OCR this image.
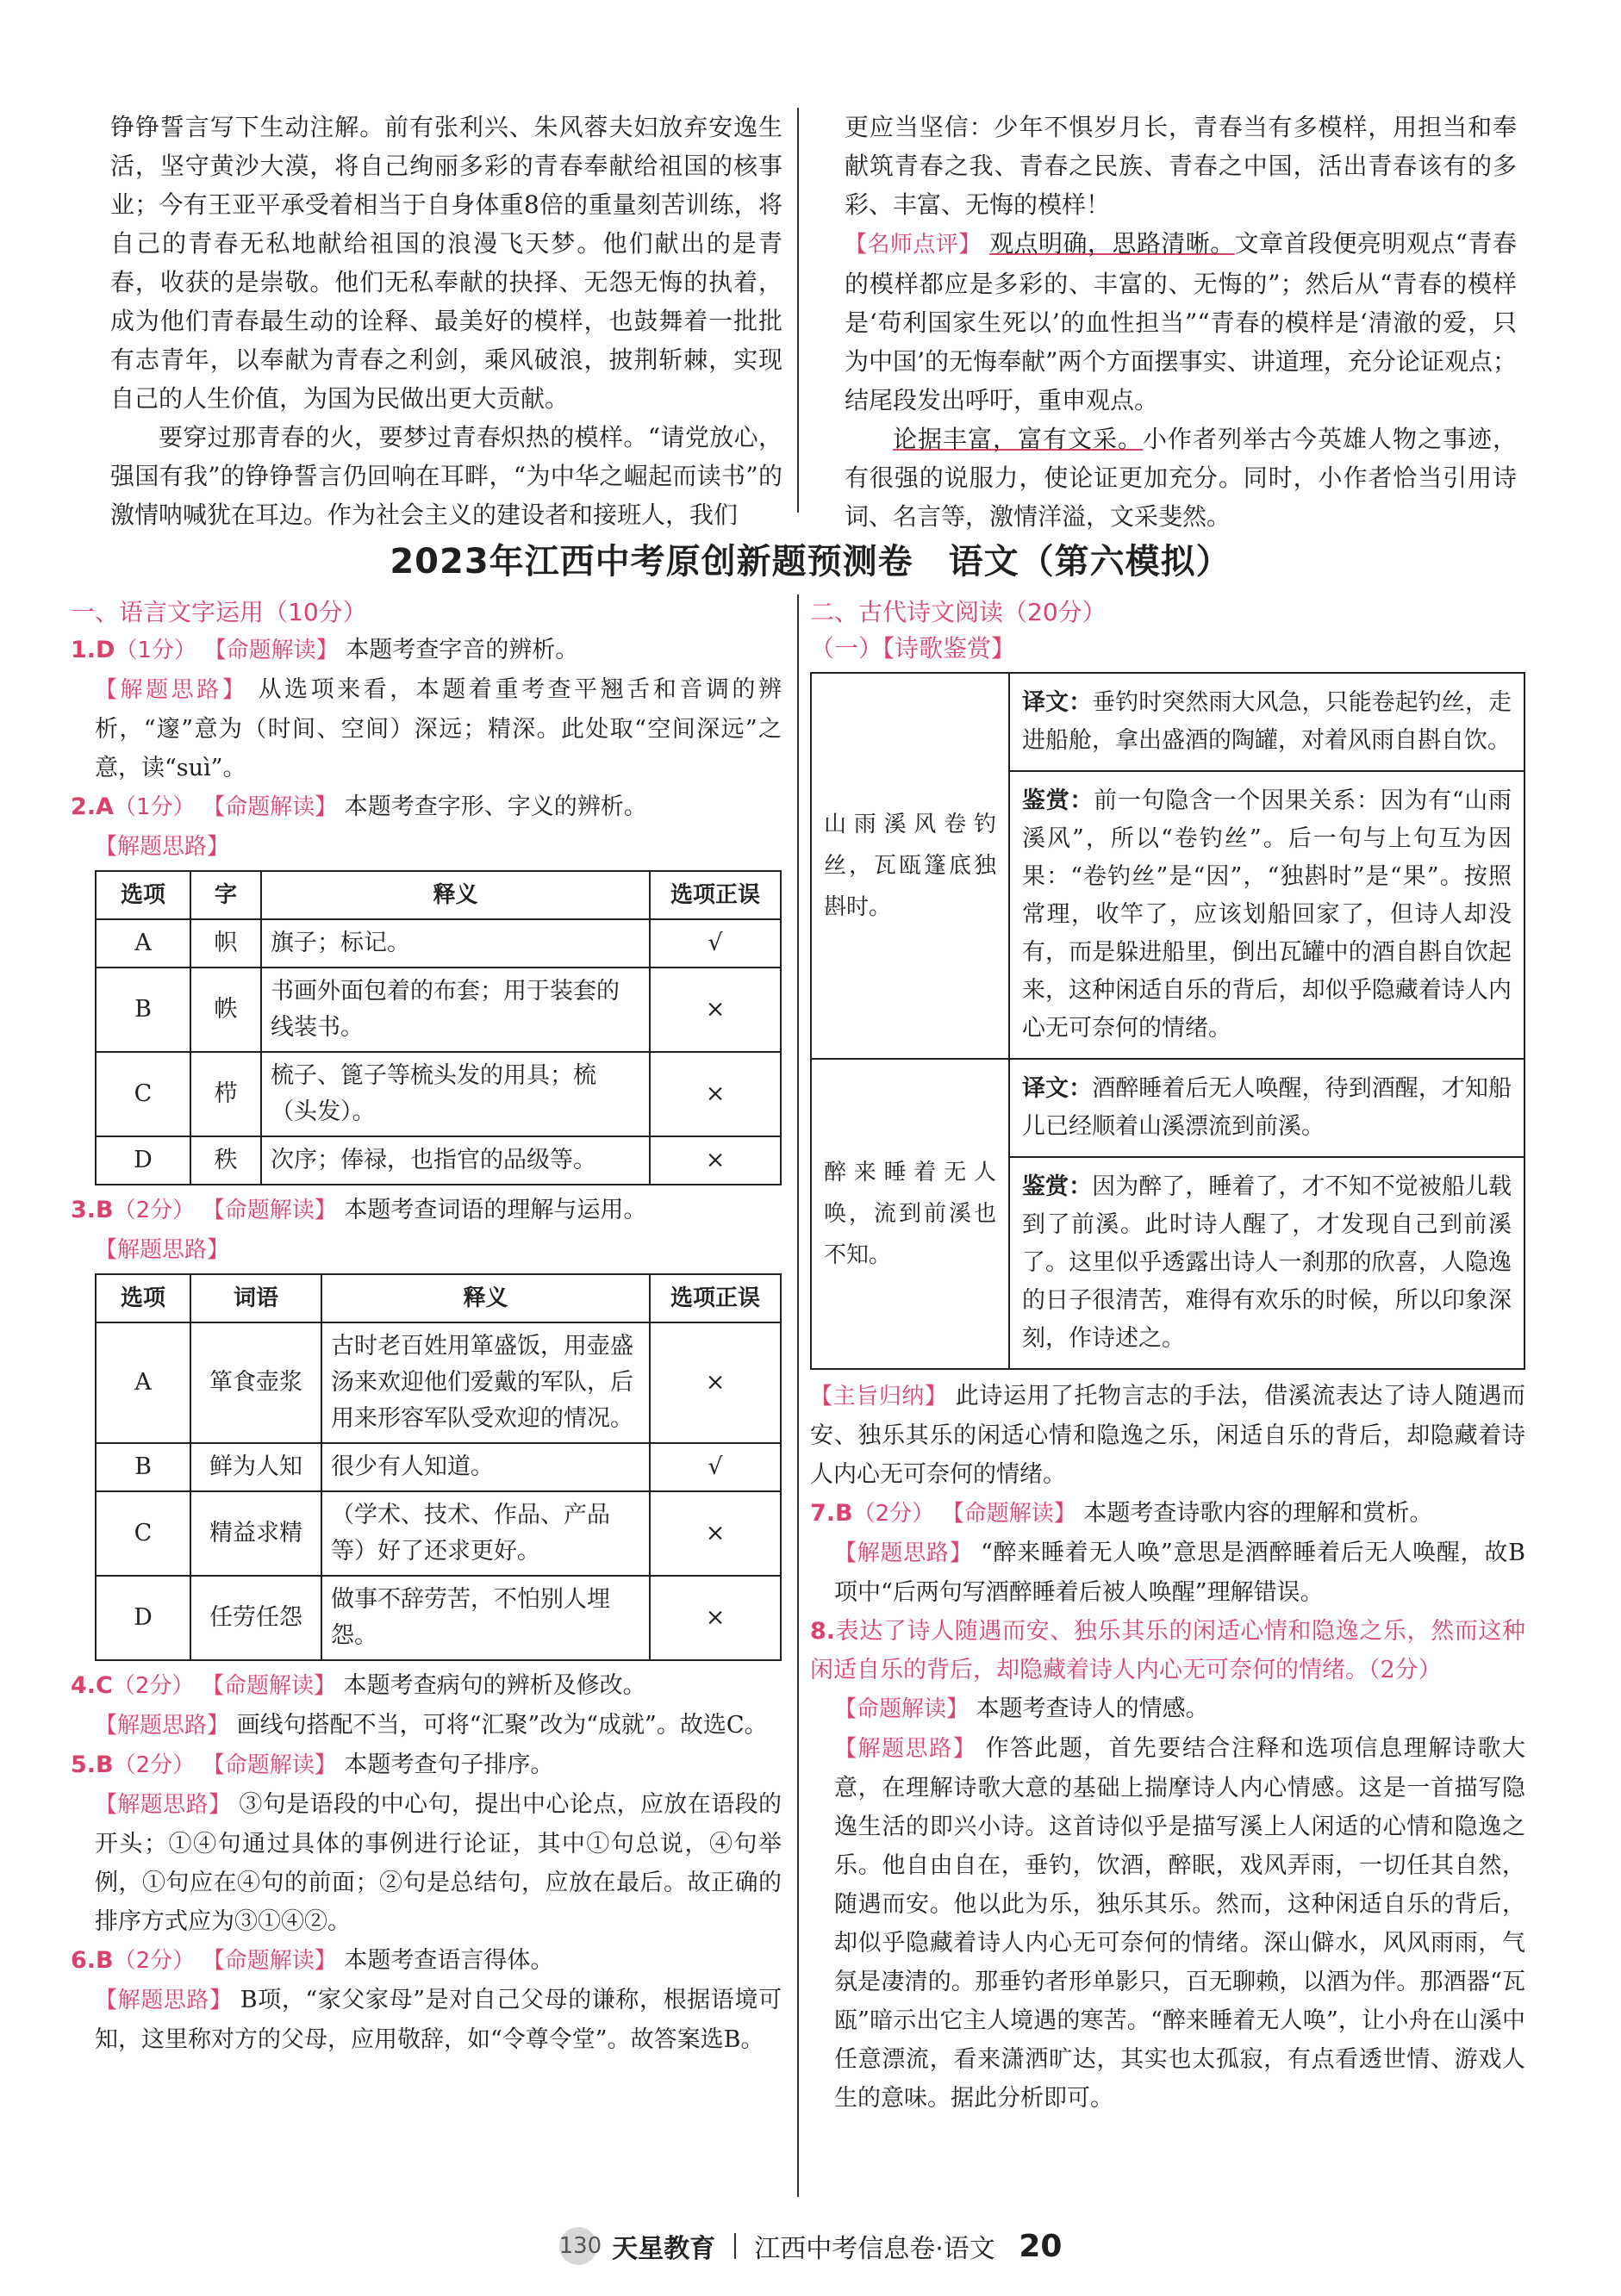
铮铮誓言写下生动注解。前有张利兴、朱风蓉夫妇放弃安逸生活，坚守黄沙大漠，将自己绚丽多彩的青春奉献给祖国的核事业；今有王亚平承受着相当于自身体重8倍的重量刻苦训练，将自己的青春无私地献给祖国的浪漫飞天梦。他们献出的是青春，收获的是崇敬。他们无私奉献的抉择、无怨无悔的执着，成为他们青春最生动的诠释、最美好的模样，也鼓舞着一批批有志青年，以奉献为青春之利剑，乘风破浪，披荆斩棘，实现自己的人生价值，为国为民做出更大贡献。

要穿过那青春的火，要梦过青春炽热的模样。“请党放心，强国有我”的铮铮誓言仍回响在耳畔，“为中华之崛起而读书”的激情呐喊犹在耳边。作为社会主义的建设者和接班人，我们

更应当坚信：少年不惧岁月长，青春当有多模样，用担当和奉献筑青春之我、青春之民族、青春之中国，活出青春该有的多彩、丰富、无悔的模样！

【名师点评】 观点明确，思路清晰。文章首段便亮明观点“青春的模样都应是多彩的、丰富的、无悔的”；然后从“青春的模样是‘苟利国家生死以’的血性担当”“青春的模样是‘清澈的爱，只为中国’的无悔奉献”两个方面摆事实、讲道理，充分论证观点；结尾段发出呼吁，重申观点。

论据丰富，富有文采。小作者列举古今英雄人物之事迹，有很强的说服力，使论证更加充分。同时，小作者恰当引用诗词、名言等，激情洋溢，文采斐然。

2023年江西中考原创新题预测卷　语文（第六模拟）
一、语言文字运用（10分）
1.D（1分） 【命题解读】 本题考查字音的辨析。
【解题思路】 从选项来看，本题着重考查平翘舌和音调的辨析，“邃”意为（时间、空间）深远；精深。此处取“空间深远”之意，读“suì”。
2.A（1分） 【命题解读】 本题考查字形、字义的辨析。
【解题思路】
选项	字	释义	选项正误
A	帜	旗子；标记。	√
B	帙	书画外面包着的布套；用于装套的线装书。	×
C	栉	梳子、篦子等梳头发的用具；梳（头发）。	×
D	秩	次序；俸禄，也指官的品级等。	×
3.B（2分） 【命题解读】 本题考查词语的理解与运用。
【解题思路】
选项	词语	释义	选项正误
A	箪食壶浆	古时老百姓用箪盛饭，用壶盛汤来欢迎他们爱戴的军队，后用来形容军队受欢迎的情况。	×
B	鲜为人知	很少有人知道。	√
C	精益求精	（学术、技术、作品、产品等）好了还求更好。	×
D	任劳任怨	做事不辞劳苦，不怕别人埋怨。	×
4.C（2分） 【命题解读】 本题考查病句的辨析及修改。
【解题思路】 画线句搭配不当，可将“汇聚”改为“成就”。故选C。
5.B（2分） 【命题解读】 本题考查句子排序。
【解题思路】 ③句是语段的中心句，提出中心论点，应放在语段的开头；①④句通过具体的事例进行论证，其中①句总说，④句举例，①句应在④句的前面；②句是总结句，应放在最后。故正确的排序方式应为③①④②。
6.B（2分） 【命题解读】 本题考查语言得体。
【解题思路】 B项，“家父家母”是对自己父母的谦称，根据语境可知，这里称对方的父母，应用敬辞，如“令尊令堂”。故答案选B。
二、古代诗文阅读（20分）
（一）【诗歌鉴赏】
山雨溪风卷钓丝，瓦瓯篷底独斟时。	译文：垂钓时突然雨大风急，只能卷起钓丝，走进船舱，拿出盛酒的陶罐，对着风雨自斟自饮。
	鉴赏：前一句隐含一个因果关系：因为有“山雨溪风”，所以“卷钓丝”。后一句与上句互为因果：“卷钓丝”是“因”，“独斟时”是“果”。按照常理，收竿了，应该划船回家了，但诗人却没有，而是躲进船里，倒出瓦罐中的酒自斟自饮起来，这种闲适自乐的背后，却似乎隐藏着诗人内心无可奈何的情绪。
醉来睡着无人唤，流到前溪也不知。	译文：酒醉睡着后无人唤醒，待到酒醒，才知船儿已经顺着山溪漂流到前溪。
	鉴赏：因为醉了，睡着了，才不知不觉被船儿载到了前溪。此时诗人醒了，才发现自己到前溪了。这里似乎透露出诗人一刹那的欣喜，人隐逸的日子很清苦，难得有欢乐的时候，所以印象深刻，作诗述之。
【主旨归纳】 此诗运用了托物言志的手法，借溪流表达了诗人随遇而安、独乐其乐的闲适心情和隐逸之乐，闲适自乐的背后，却隐藏着诗人内心无可奈何的情绪。
7.B（2分） 【命题解读】 本题考查诗歌内容的理解和赏析。
【解题思路】 “醉来睡着无人唤”意思是酒醉睡着后无人唤醒，故B项中“后两句写酒醉睡着后被人唤醒”理解错误。
8.表达了诗人随遇而安、独乐其乐的闲适心情和隐逸之乐，然而这种闲适自乐的背后，却隐藏着诗人内心无可奈何的情绪。（2分）
【命题解读】 本题考查诗人的情感。
【解题思路】 作答此题，首先要结合注释和选项信息理解诗歌大意，在理解诗歌大意的基础上揣摩诗人内心情感。这是一首描写隐逸生活的即兴小诗。这首诗似乎是描写溪上人闲适的心情和隐逸之乐。他自由自在，垂钓，饮酒，醉眠，戏风弄雨，一切任其自然，随遇而安。他以此为乐，独乐其乐。然而，这种闲适自乐的背后，却似乎隐藏着诗人内心无可奈何的情绪。深山僻水，风风雨雨，气氛是凄清的。那垂钓者形单影只，百无聊赖，以酒为伴。那酒器“瓦瓯”暗示出它主人境遇的寒苦。“醉来睡着无人唤”，让小舟在山溪中任意漂流，看来潇洒旷达，其实也太孤寂，有点看透世情、游戏人生的意味。据此分析即可。
130 天星教育 江西中考信息卷·语文 20
